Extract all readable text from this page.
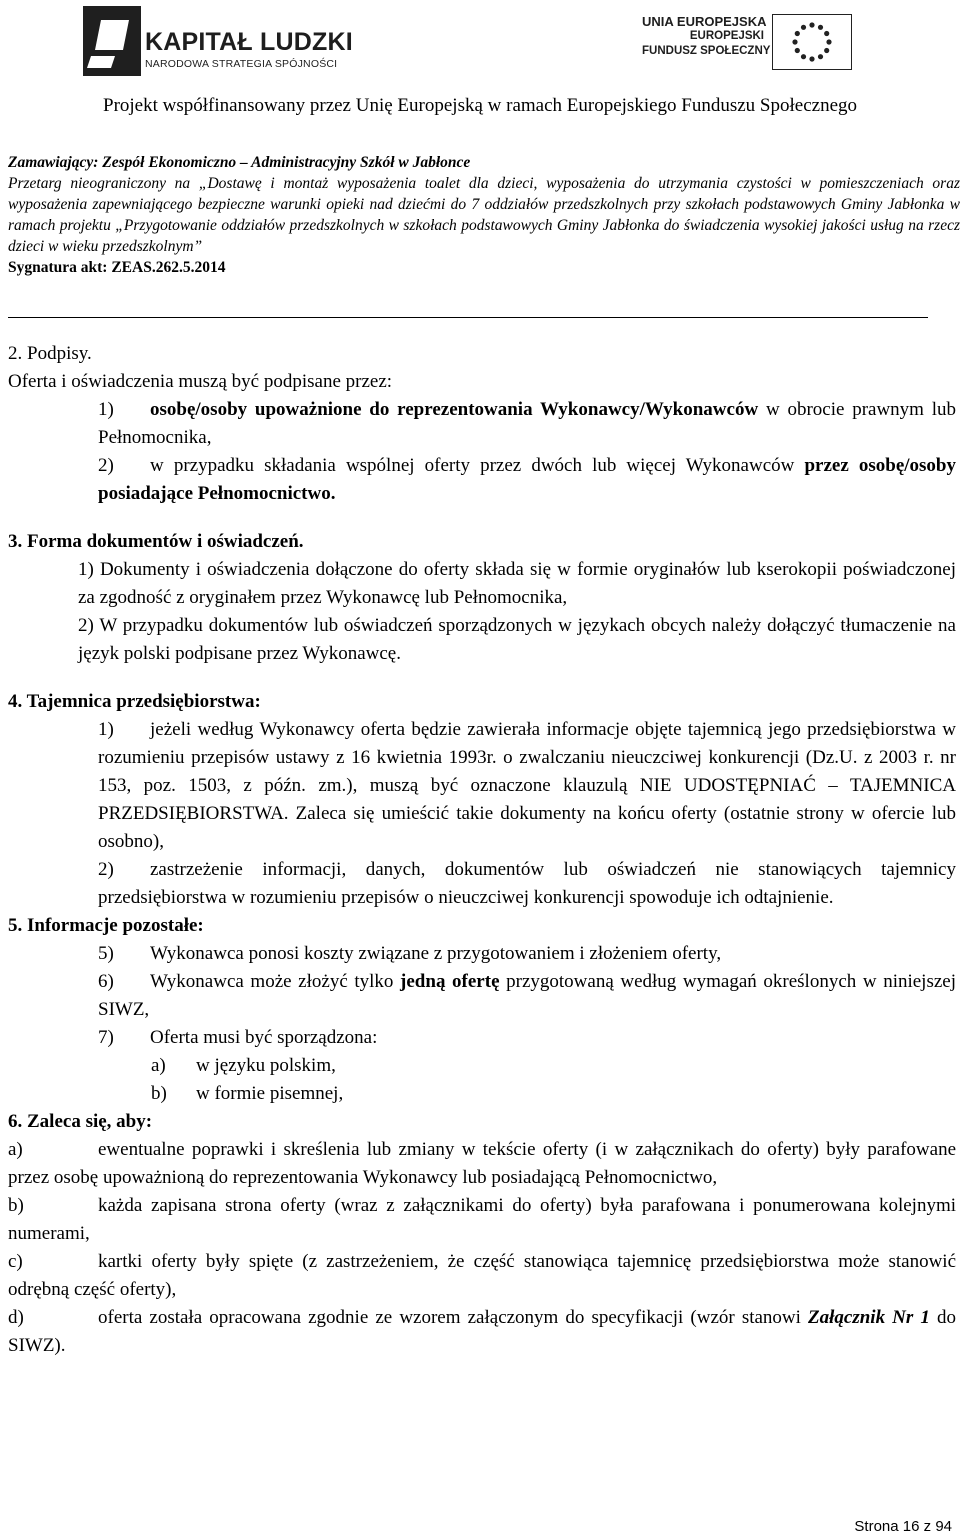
KAPITAŁ LUDZKI
NARODOWA STRATEGIA SPÓJNOŚCI
UNIA EUROPEJSKA
EUROPEJSKI
FUNDUSZ SPOŁECZNY
Projekt współfinansowany przez Unię Europejską w ramach Europejskiego Funduszu Społecznego
Zamawiający: Zespół Ekonomiczno – Administracyjny Szkół w Jabłonce
Przetarg nieograniczony na „Dostawę i montaż wyposażenia toalet dla dzieci, wyposażenia do utrzymania czystości w pomieszczeniach oraz wyposażenia zapewniającego bezpieczne warunki opieki nad dziećmi do 7 oddziałów przedszkolnych przy szkołach podstawowych Gminy Jabłonka w ramach projektu „Przygotowanie oddziałów przedszkolnych w szkołach podstawowych Gminy Jabłonka do świadczenia wysokiej jakości usług na rzecz dzieci w wieku przedszkolnym”
Sygnatura akt: ZEAS.262.5.2014

2. Podpisy.

Oferta i oświadczenia muszą być podpisane przez:

1) osobę/osoby upoważnione do reprezentowania Wykonawcy/Wykonawców w obrocie prawnym lub Pełnomocnika,

2) w przypadku składania wspólnej oferty przez dwóch lub więcej Wykonawców przez osobę/osoby posiadające Pełnomocnictwo.

3. Forma dokumentów i oświadczeń.

1) Dokumenty i oświadczenia dołączone do oferty składa się w formie oryginałów lub kserokopii poświadczonej za zgodność z oryginałem przez Wykonawcę lub Pełnomocnika,

2) W przypadku dokumentów lub oświadczeń sporządzonych w językach obcych należy dołączyć tłumaczenie na język polski podpisane przez Wykonawcę.

4. Tajemnica przedsiębiorstwa:

1) jeżeli według Wykonawcy oferta będzie zawierała informacje objęte tajemnicą jego przedsiębiorstwa w rozumieniu przepisów ustawy z 16 kwietnia 1993r. o zwalczaniu nieuczciwej konkurencji (Dz.U. z 2003 r. nr 153, poz. 1503, z późn. zm.), muszą być oznaczone klauzulą NIE UDOSTĘPNIAĆ – TAJEMNICA PRZEDSIĘBIORSTWA. Zaleca się umieścić takie dokumenty na końcu oferty (ostatnie strony w ofercie lub osobno),

2) zastrzeżenie informacji, danych, dokumentów lub oświadczeń nie stanowiących tajemnicy przedsiębiorstwa w rozumieniu przepisów o nieuczciwej konkurencji spowoduje ich odtajnienie.

5. Informacje pozostałe:

5) Wykonawca ponosi koszty związane z przygotowaniem i złożeniem oferty,

6) Wykonawca może złożyć tylko jedną ofertę przygotowaną według wymagań określonych w niniejszej SIWZ,

7) Oferta musi być sporządzona:

a) w języku polskim,

b) w formie pisemnej,

6. Zaleca się, aby:

a)	ewentualne poprawki i skreślenia lub zmiany w tekście oferty (i w załącznikach do oferty) były parafowane przez osobę upoważnioną do reprezentowania Wykonawcy lub posiadającą Pełnomocnictwo,

b)	każda zapisana strona oferty (wraz z załącznikami do oferty) była parafowana i ponumerowana kolejnymi numerami,

c)	kartki oferty były spięte (z zastrzeżeniem, że część stanowiąca tajemnicę przedsiębiorstwa może stanowić odrębną część oferty),

d)	oferta została opracowana zgodnie ze wzorem załączonym do specyfikacji (wzór stanowi Załącznik Nr 1 do SIWZ).

Strona 16 z 94
